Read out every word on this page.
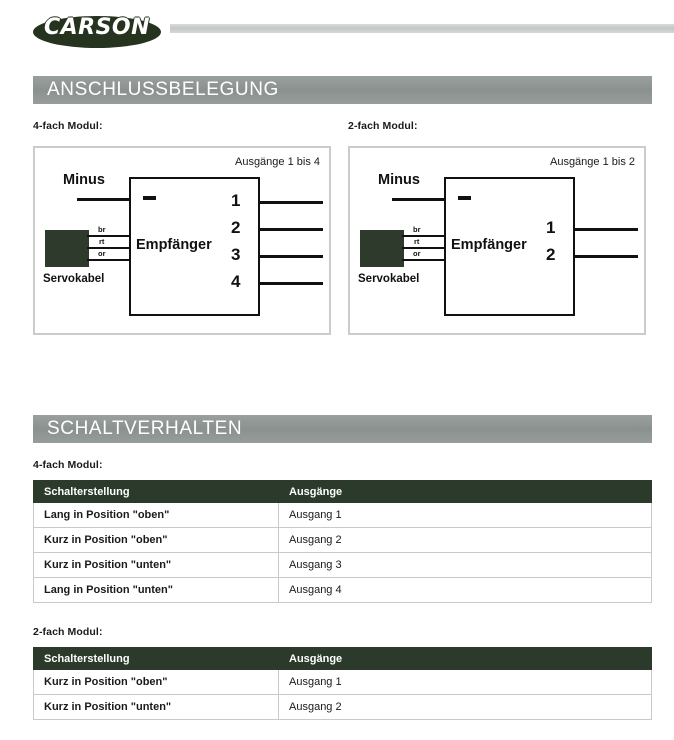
CARSON
ANSCHLUSSBELEGUNG
4-fach Modul:	2-fach Modul:
Ausgänge 1 bis 4
Empfänger
Minus
Servokabel
br
rt
or
1
2
3
4
Ausgänge 1 bis 2
Empfänger
Minus
Servokabel
br
rt
or
1
2
SCHALTVERHALTEN
4-fach Modul:
Schalterstellung	Ausgänge
Lang in Position "oben"	Ausgang 1
Kurz in Position "oben"	Ausgang 2
Kurz in Position "unten"	Ausgang 3
Lang in Position "unten"	Ausgang 4
2-fach Modul:
Schalterstellung	Ausgänge
Kurz in Position "oben"	Ausgang 1
Kurz in Position "unten"	Ausgang 2
